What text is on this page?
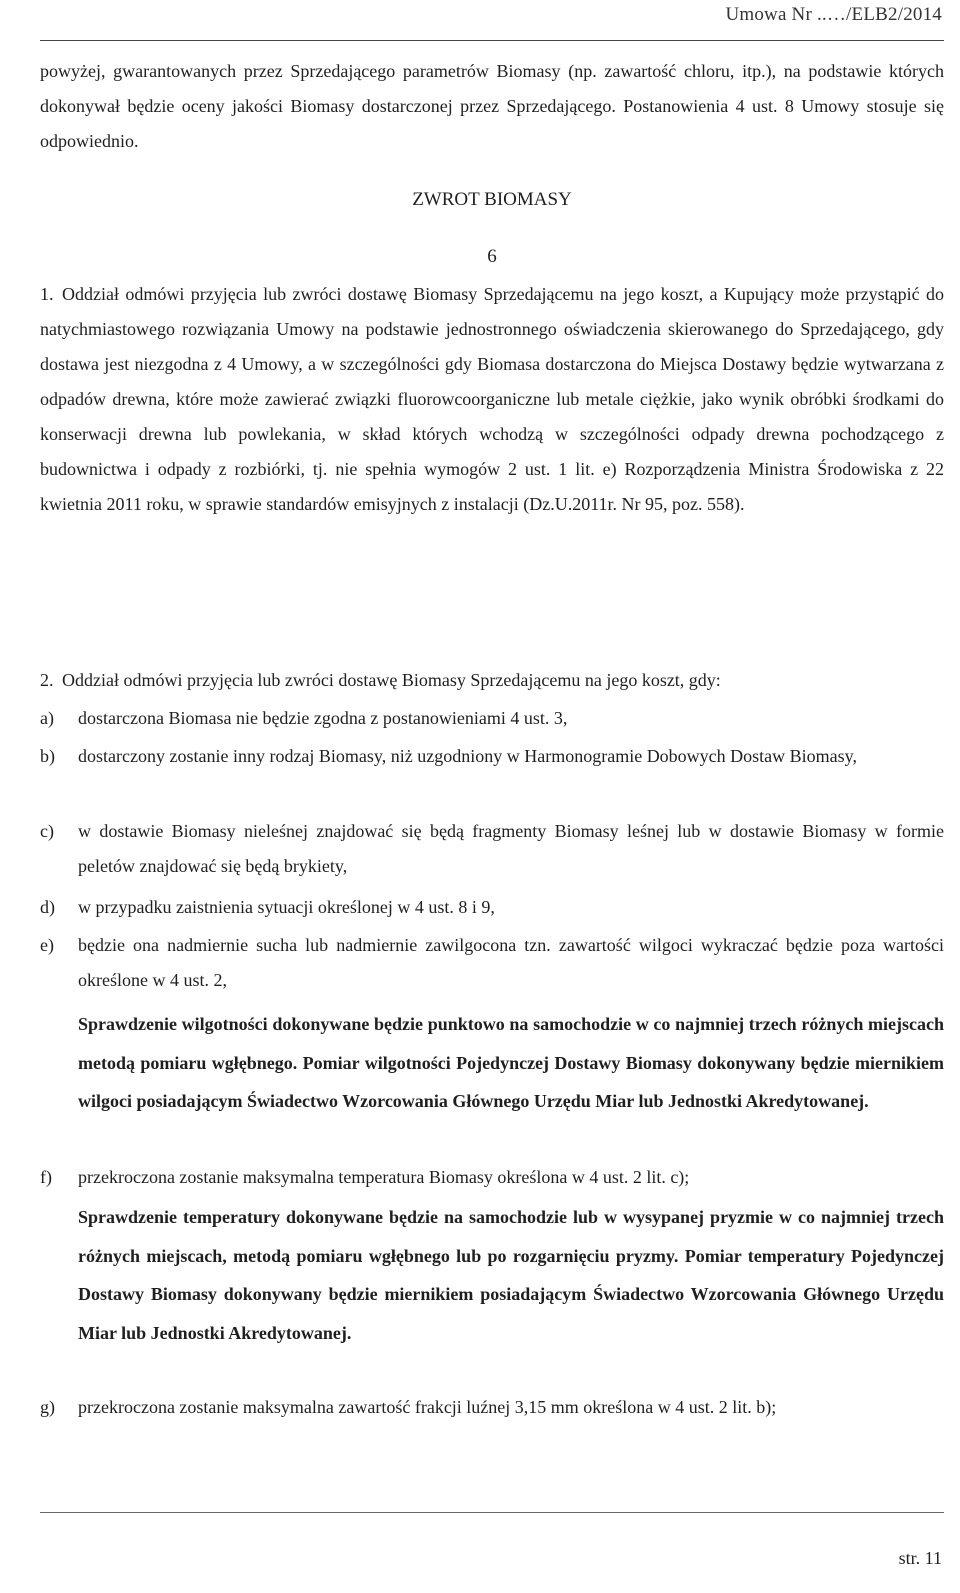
Umowa Nr ..…/ELB2/2014

powyżej, gwarantowanych przez Sprzedającego parametrów Biomasy (np. zawartość chloru, itp.), na podstawie których dokonywał będzie oceny jakości Biomasy dostarczonej przez Sprzedającego. Postanowienia 4 ust. 8 Umowy stosuje się odpowiednio.

ZWROT BIOMASY
6
1. Oddział odmówi przyjęcia lub zwróci dostawę Biomasy Sprzedającemu na jego koszt, a Kupujący może przystąpić do natychmiastowego rozwiązania Umowy na podstawie jednostronnego oświadczenia skierowanego do Sprzedającego, gdy dostawa jest niezgodna z 4 Umowy, a w szczególności gdy Biomasa dostarczona do Miejsca Dostawy będzie wytwarzana z odpadów drewna, które może zawierać związki fluorowcoorganiczne lub metale ciężkie, jako wynik obróbki środkami do konserwacji drewna lub powlekania, w skład których wchodzą w szczególności odpady drewna pochodzącego z budownictwa i odpady z rozbiórki, tj. nie spełnia wymogów 2 ust. 1 lit. e) Rozporządzenia Ministra Środowiska z 22 kwietnia 2011 roku, w sprawie standardów emisyjnych z instalacji (Dz.U.2011r. Nr 95, poz. 558).
2. Oddział odmówi przyjęcia lub zwróci dostawę Biomasy Sprzedającemu na jego koszt, gdy:
a) dostarczona Biomasa nie będzie zgodna z postanowieniami 4 ust. 3,
b) dostarczony zostanie inny rodzaj Biomasy, niż uzgodniony w Harmonogramie Dobowych Dostaw Biomasy,
c) w dostawie Biomasy nieleśnej znajdować się będą fragmenty Biomasy leśnej lub w dostawie Biomasy w formie peletów znajdować się będą brykiety,
d) w przypadku zaistnienia sytuacji określonej w 4 ust. 8 i 9,
e) będzie ona nadmiernie sucha lub nadmiernie zawilgocona tzn. zawartość wilgoci wykraczać będzie poza wartości określone w 4 ust. 2,
Sprawdzenie wilgotności dokonywane będzie punktowo na samochodzie w co najmniej trzech różnych miejscach metodą pomiaru wgłębnego. Pomiar wilgotności Pojedynczej Dostawy Biomasy dokonywany będzie miernikiem wilgoci posiadającym Świadectwo Wzorcowania Głównego Urzędu Miar lub Jednostki Akredytowanej.
f) przekroczona zostanie maksymalna temperatura Biomasy określona w 4 ust. 2 lit. c);
Sprawdzenie temperatury dokonywane będzie na samochodzie lub w wysypanej pryzmie w co najmniej trzech różnych miejscach, metodą pomiaru wgłębnego lub po rozgarnięciu pryzmy. Pomiar temperatury Pojedynczej Dostawy Biomasy dokonywany będzie miernikiem posiadającym Świadectwo Wzorcowania Głównego Urzędu Miar lub Jednostki Akredytowanej.
g) przekroczona zostanie maksymalna zawartość frakcji luźnej 3,15 mm określona w 4 ust. 2 lit. b);
str. 11
